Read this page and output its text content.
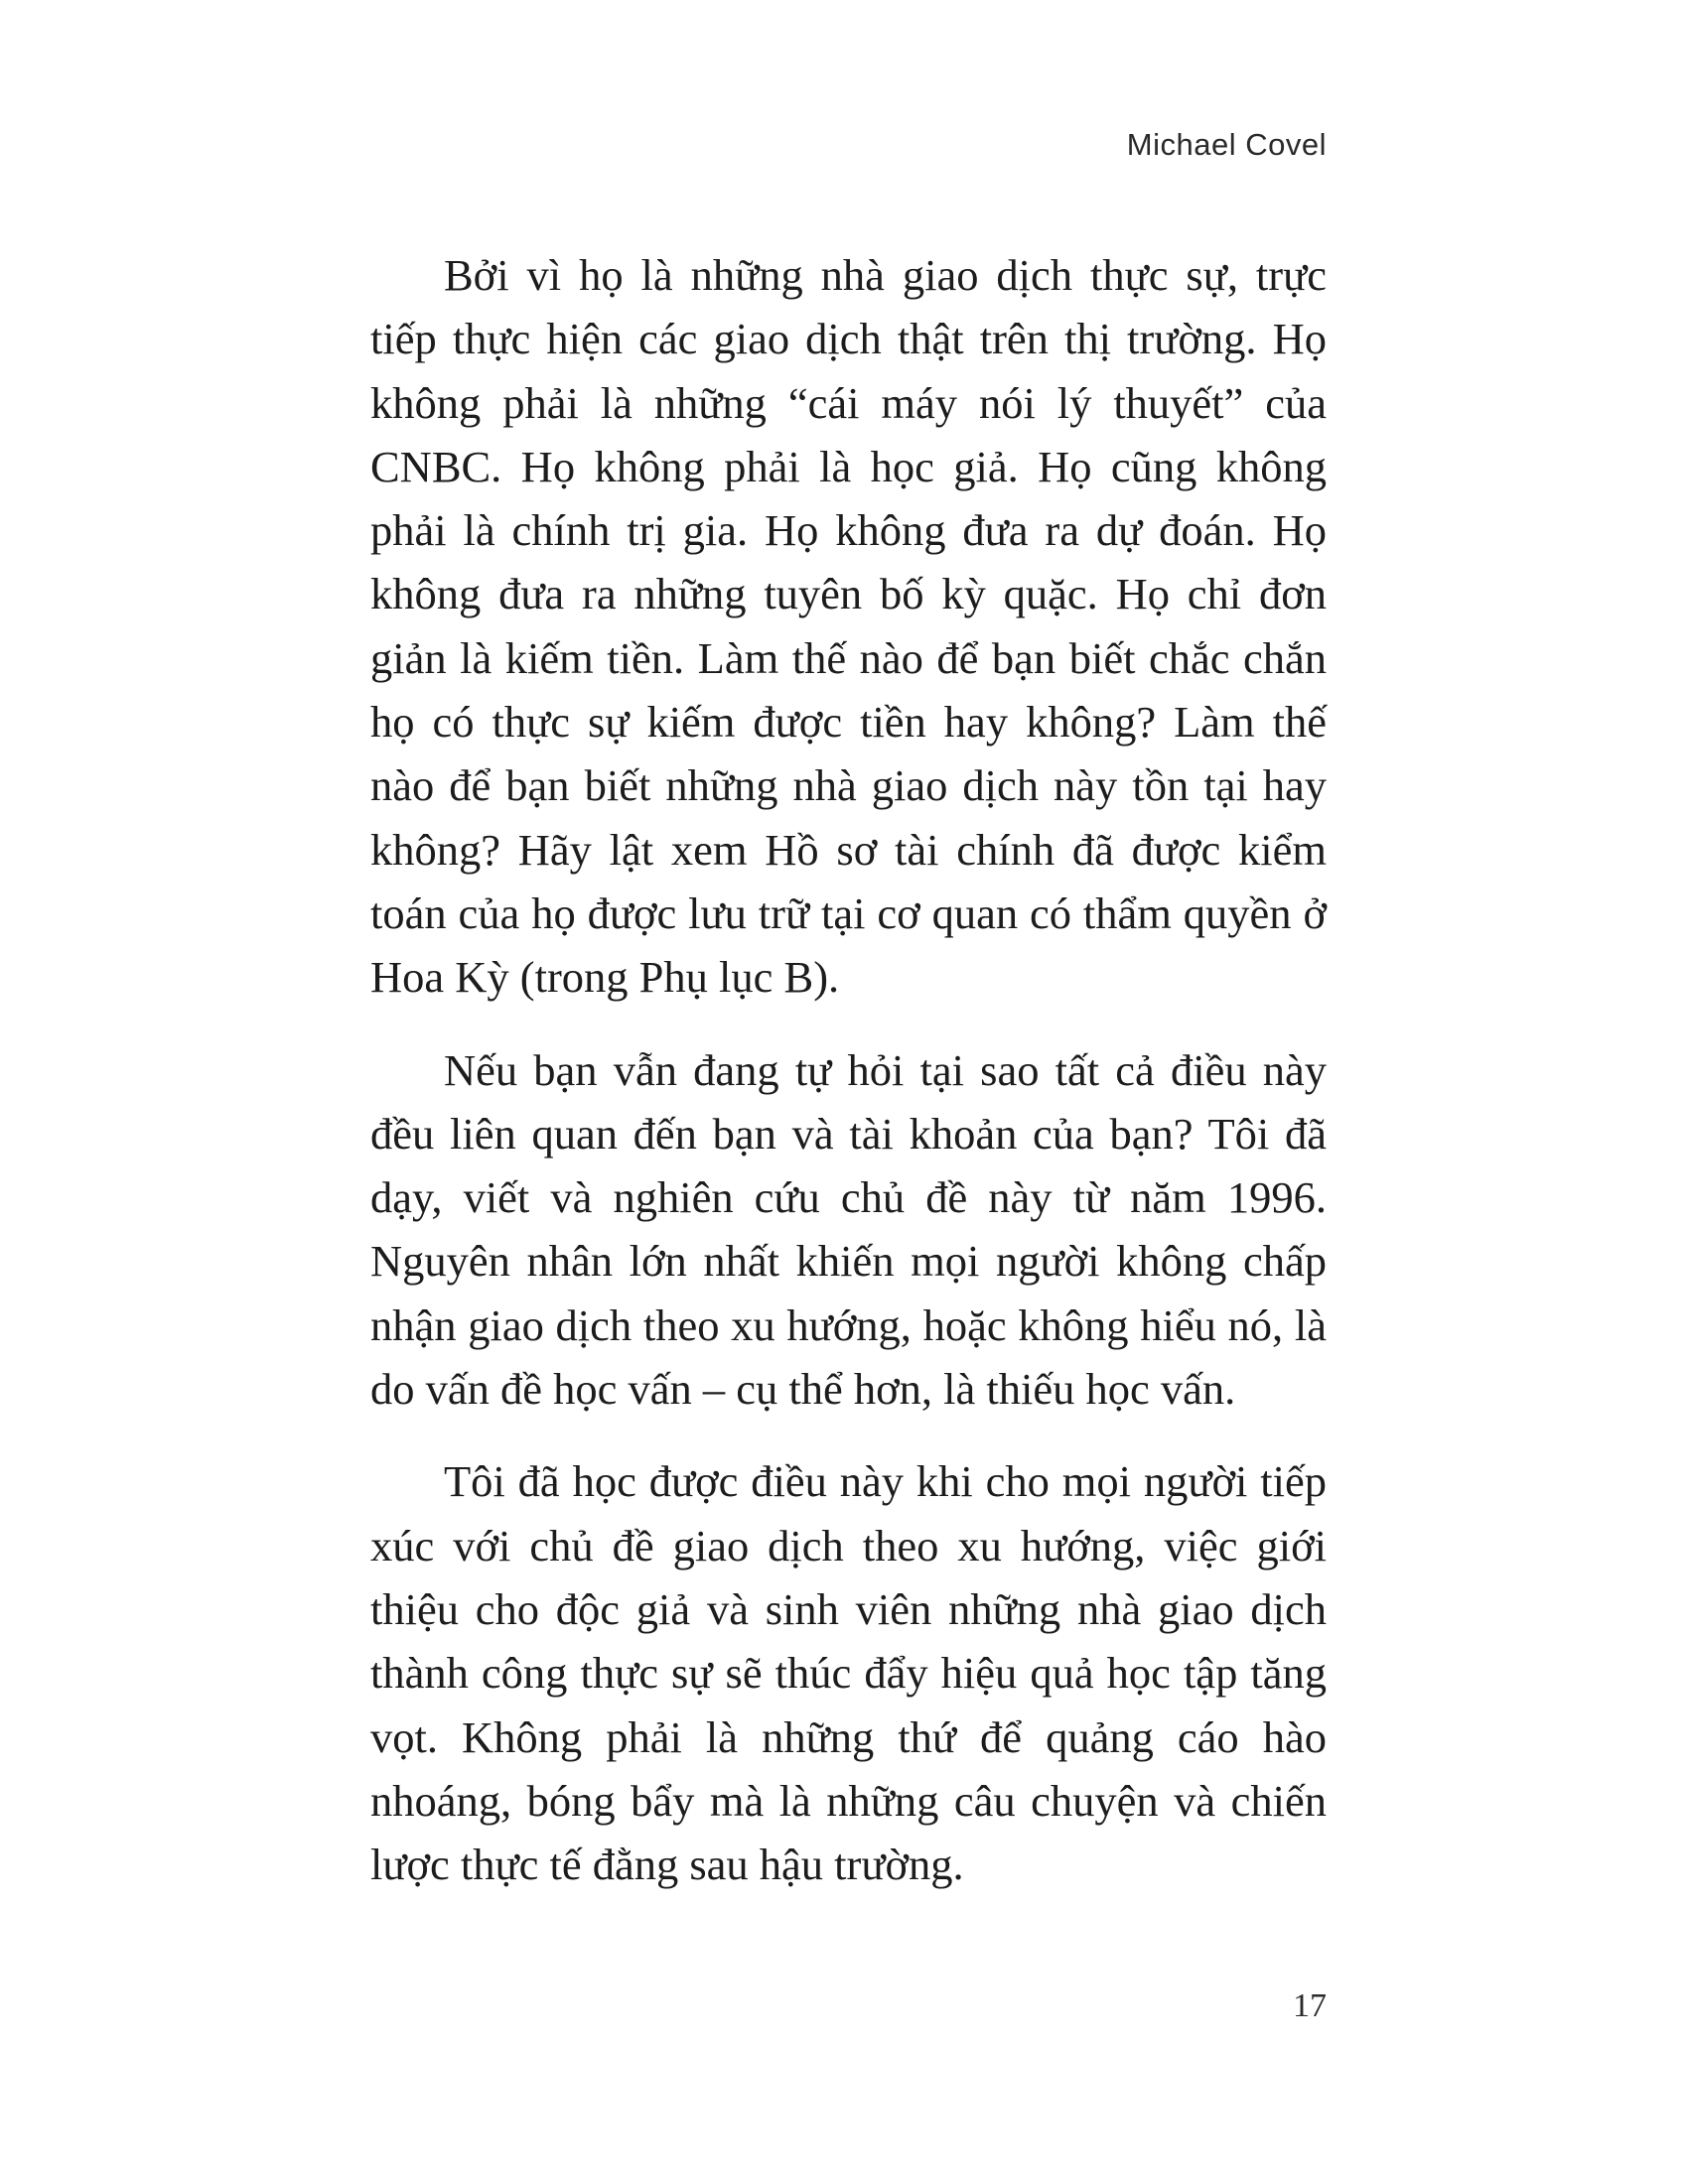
Michael Covel

Bởi vì họ là những nhà giao dịch thực sự, trực tiếp thực hiện các giao dịch thật trên thị trường. Họ không phải là những “cái máy nói lý thuyết” của CNBC. Họ không phải là học giả. Họ cũng không phải là chính trị gia. Họ không đưa ra dự đoán. Họ không đưa ra những tuyên bố kỳ quặc. Họ chỉ đơn giản là kiếm tiền. Làm thế nào để bạn biết chắc chắn họ có thực sự kiếm được tiền hay không? Làm thế nào để bạn biết những nhà giao dịch này tồn tại hay không? Hãy lật xem Hồ sơ tài chính đã được kiểm toán của họ được lưu trữ tại cơ quan có thẩm quyền ở Hoa Kỳ (trong Phụ lục B).

Nếu bạn vẫn đang tự hỏi tại sao tất cả điều này đều liên quan đến bạn và tài khoản của bạn? Tôi đã dạy, viết và nghiên cứu chủ đề này từ năm 1996. Nguyên nhân lớn nhất khiến mọi người không chấp nhận giao dịch theo xu hướng, hoặc không hiểu nó, là do vấn đề học vấn – cụ thể hơn, là thiếu học vấn.

Tôi đã học được điều này khi cho mọi người tiếp xúc với chủ đề giao dịch theo xu hướng, việc giới thiệu cho độc giả và sinh viên những nhà giao dịch thành công thực sự sẽ thúc đẩy hiệu quả học tập tăng vọt. Không phải là những thứ để quảng cáo hào nhoáng, bóng bẩy mà là những câu chuyện và chiến lược thực tế đằng sau hậu trường.

17
